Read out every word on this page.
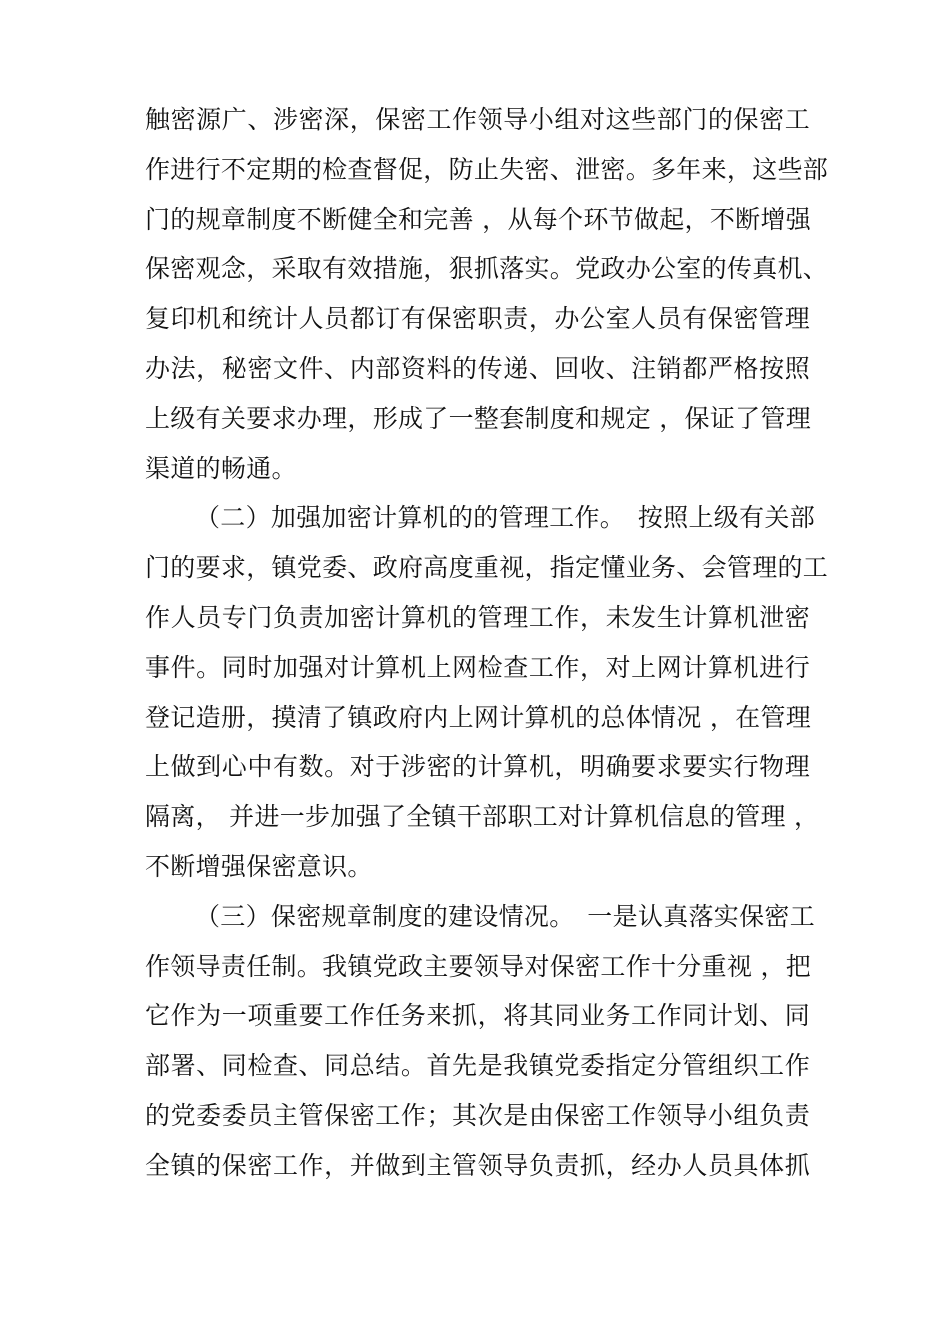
触密源广、涉密深，保密工作领导小组对这些部门的保密工
作进行不定期的检查督促，防止失密、泄密。多年来，这些部
门的规章制度不断健全和完善 ，从每个环节做起，不断增强
保密观念，采取有效措施，狠抓落实。党政办公室的传真机、
复印机和统计人员都订有保密职责，办公室人员有保密管理
办法，秘密文件、内部资料的传递、回收、注销都严格按照
上级有关要求办理，形成了一整套制度和规定 ，保证了管理
渠道的畅通。
（二）加强加密计算机的的管理工作。　按照上级有关部
门的要求，镇党委、政府高度重视，指定懂业务、会管理的工
作人员专门负责加密计算机的管理工作，未发生计算机泄密
事件。同时加强对计算机上网检查工作，对上网计算机进行
登记造册，摸清了镇政府内上网计算机的总体情况 ，在管理
上做到心中有数。对于涉密的计算机，明确要求要实行物理
隔离， 并进一步加强了全镇干部职工对计算机信息的管理 ，
不断增强保密意识。
（三）保密规章制度的建设情况。　一是认真落实保密工
作领导责任制。我镇党政主要领导对保密工作十分重视 ，把
它作为一项重要工作任务来抓，将其同业务工作同计划、同
部署、同检查、同总结。首先是我镇党委指定分管组织工作
的党委委员主管保密工作；其次是由保密工作领导小组负责
全镇的保密工作，并做到主管领导负责抓，经办人员具体抓
